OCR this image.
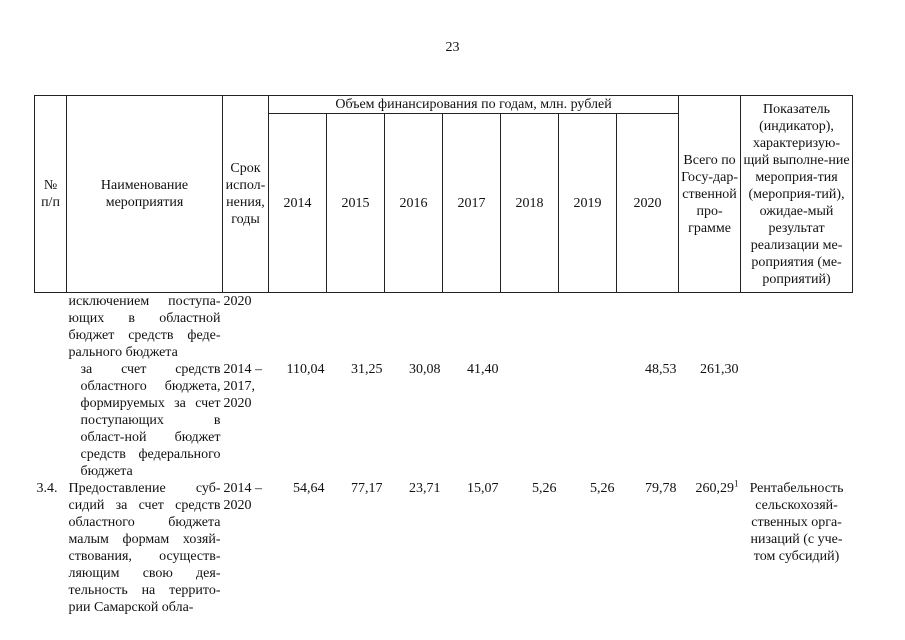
23
№ п/п	Наименование мероприятия	Срок испол-нения, годы	Объем финансирования по годам, млн. рублей							Всего по Госу-дар-ственной про-грамме	Показатель (индикатор), характеризую-щий выполне-ние мероприя-тия (мероприя-тий), ожидае-мый результат реализации ме-роприятия (ме-роприятий)
			2014	2015	2016	2017	2018	2019	2020		
	исключением поступа-ющих в областной бюджет средств феде-рального бюджета	2020									
	за счет средств областного бюджета, формируемых за счет поступающих в област-ной бюджет средств федерального бюджета	2014 – 2017, 2020	110,04	31,25	30,08	41,40			48,53	261,30	
3.4.	Предоставление суб-сидий за счет средств областного бюджета малым формам хозяй-ствования, осуществ-ляющим свою дея-тельность на террито-рии Самарской обла-	2014 – 2020	54,64	77,17	23,71	15,07	5,26	5,26	79,78	260,29$^1$	Рентабельность сельскохозяй-ственных орга-низаций (с уче-том субсидий)
